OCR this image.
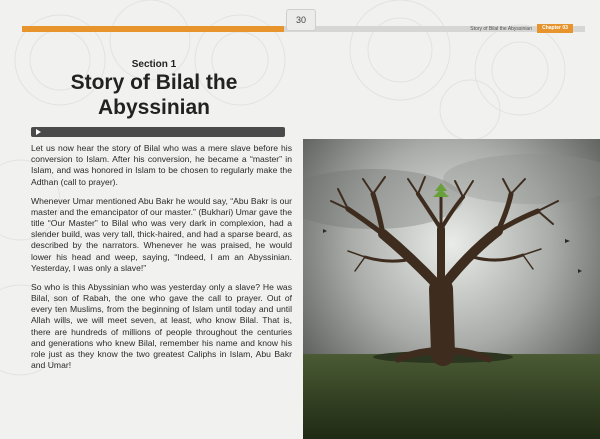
30
Story of Bilal the Abyssinian	Chapter 03
Section 1
Story of Bilal the Abyssinian

Let us now hear the story of Bilal who was a mere slave before his conversion to Islam. After his conversion, he became a “master” in Islam, and was honored in Islam to be chosen to regularly make the Adthan (call to prayer).

Whenever Umar mentioned Abu Bakr he would say, “Abu Bakr is our master and the emancipator of our master.” (Bukhari) Umar gave the title “Our Master” to Bilal who was very dark in complexion, had a slender build, was very tall, thick-haired, and had a sparse beard, as described by the narrators. Whenever he was praised, he would lower his head and weep, saying, “Indeed, I am an Abyssinian. Yesterday, I was only a slave!”

So who is this Abyssinian who was yesterday only a slave? He was Bilal, son of Rabah, the one who gave the call to prayer. Out of every ten Muslims, from the beginning of Islam until today and until Allah wills, we will meet seven, at least, who know Bilal. That is, there are hundreds of millions of people throughout the centuries and generations who knew Bilal, remember his name and know his role just as they know the two greatest Caliphs in Islam, Abu Bakr and Umar!
